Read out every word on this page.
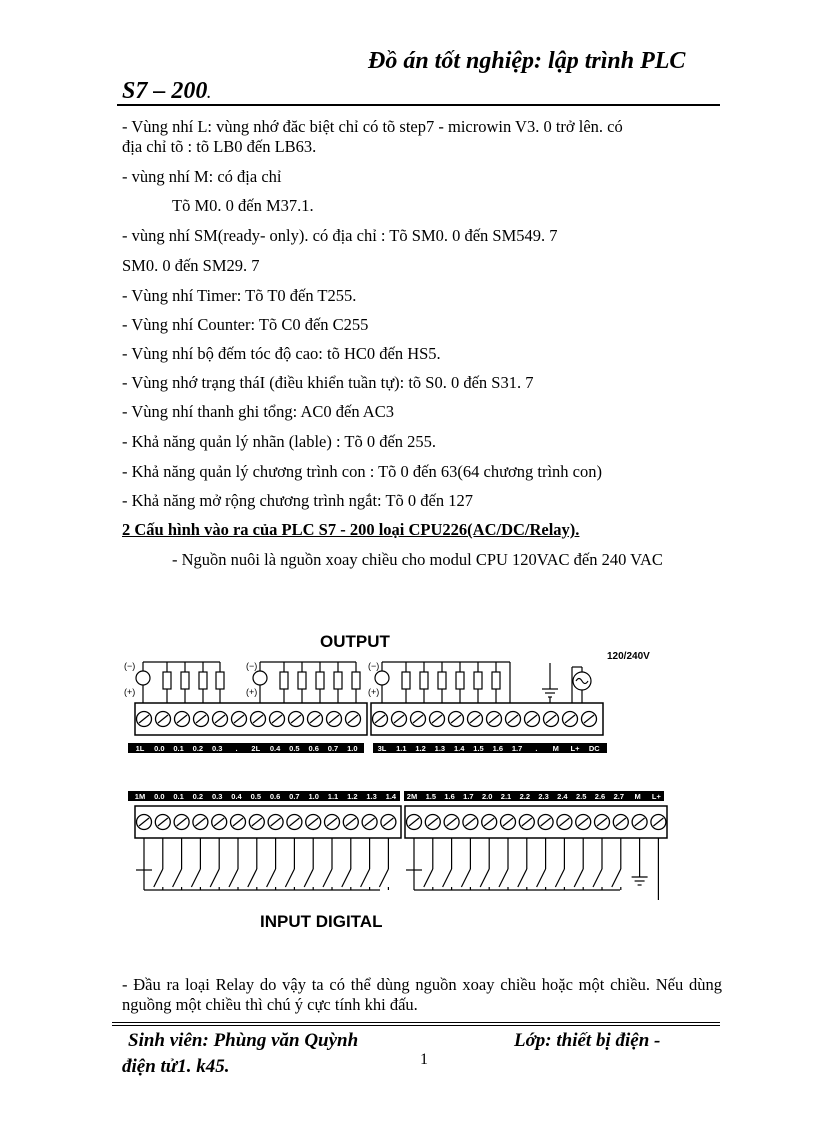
Đồ án tốt nghiệp: lập trình PLC
S7 – 200.
- Vùng nhí L: vùng nhớ đăc biệt chỉ có tõ step7 - microwin V3. 0 trở lên. có
địa chỉ tõ : tõ LB0 đến LB63.
- vùng nhí M: có địa chỉ
Tõ M0. 0 đến M37.1.
- vùng nhí SM(ready- only). có địa chỉ : Tõ SM0. 0 đến SM549. 7
SM0. 0 đến SM29. 7
- Vùng nhí Timer: Tõ T0 đến T255.
- Vùng nhí Counter: Tõ C0 đến C255
- Vùng nhí bộ đếm tóc độ cao: tõ HC0 đến HS5.
- Vùng nhớ trạng tháI (điều khiển tuần tự): tõ S0. 0 đến S31. 7
- Vùng nhí thanh ghi tổng: AC0 đến AC3
- Khả năng quản lý nhãn (lable) : Tõ 0 đến 255.
- Khả năng quản lý chương trình con : Tõ 0 đến 63(64 chương trình con)
- Khả năng mở rộng chương trình ngắt: Tõ 0 đến 127
2 Cấu hình vào ra của PLC S7 - 200 loại CPU226(AC/DC/Relay).
- Nguồn nuôi là nguồn xoay chiều cho modul CPU 120VAC đến 240 VAC
OUTPUT
120/240V
(−)
(+)
(−)
(+)
(−)
(+)
1L 0.0 0.1 0.2 0.3 . 2L 0.4 0.5 0.6 0.7 1.0	3L 1.1 1.2 1.3 1.4 1.5 1.6 1.7 . M L+ DC
1M 0.0 0.1 0.2 0.3 0.4 0.5 0.6 0.7 1.0 1.1 1.2 1.3 1.4 2M 1.5 1.6 1.7 2.0 2.1 2.2 2.3 2.4 2.5 2.6 2.7 M L+
INPUT DIGITAL
- Đầu ra loại Relay do vậy ta có thể dùng nguồn xoay chiều hoặc một chiều. Nếu dùng nguồng một chiều thì chú ý cực tính khi đấu.
Sinh viên: Phùng văn Quỳnh	Lớp: thiết bị điện -
điện tử1. k45.	1
